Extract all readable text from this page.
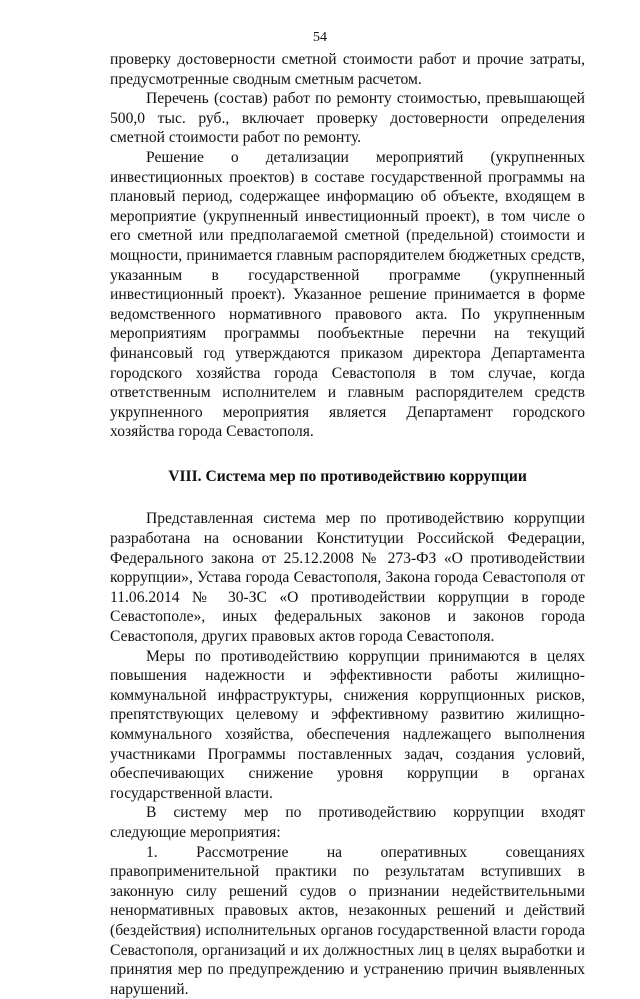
54

проверку достоверности сметной стоимости работ и прочие затраты, предусмотренные сводным сметным расчетом.

Перечень (состав) работ по ремонту стоимостью, превышающей 500,0 тыс. руб., включает проверку достоверности определения сметной стоимости работ по ремонту.

Решение о детализации мероприятий (укрупненных инвестиционных проектов) в составе государственной программы на плановый период, содержащее информацию об объекте, входящем в мероприятие (укрупненный инвестиционный проект), в том числе о его сметной или предполагаемой сметной (предельной) стоимости и мощности, принимается главным распорядителем бюджетных средств, указанным в государственной программе (укрупненный инвестиционный проект). Указанное решение принимается в форме ведомственного нормативного правового акта. По укрупненным мероприятиям программы пообъектные перечни на текущий финансовый год утверждаются приказом директора Департамента городского хозяйства города Севастополя в том случае, когда ответственным исполнителем и главным распорядителем средств укрупненного мероприятия является Департамент городского хозяйства города Севастополя.

VIII. Система мер по противодействию коррупции

Представленная система мер по противодействию коррупции разработана на основании Конституции Российской Федерации, Федерального закона от 25.12.2008 № 273-ФЗ «О противодействии коррупции», Устава города Севастополя, Закона города Севастополя от 11.06.2014 № 30-ЗС «О противодействии коррупции в городе Севастополе», иных федеральных законов и законов города Севастополя, других правовых актов города Севастополя.

Меры по противодействию коррупции принимаются в целях повышения надежности и эффективности работы жилищно-коммунальной инфраструктуры, снижения коррупционных рисков, препятствующих целевому и эффективному развитию жилищно-коммунального хозяйства, обеспечения надлежащего выполнения участниками Программы поставленных задач, создания условий, обеспечивающих снижение уровня коррупции в органах государственной власти.

В систему мер по противодействию коррупции входят следующие мероприятия:

1. Рассмотрение на оперативных совещаниях правоприменительной практики по результатам вступивших в законную силу решений судов о признании недействительными ненормативных правовых актов, незаконных решений и действий (бездействия) исполнительных органов государственной власти города Севастополя, организаций и их должностных лиц в целях выработки и принятия мер по предупреждению и устранению причин выявленных нарушений.
